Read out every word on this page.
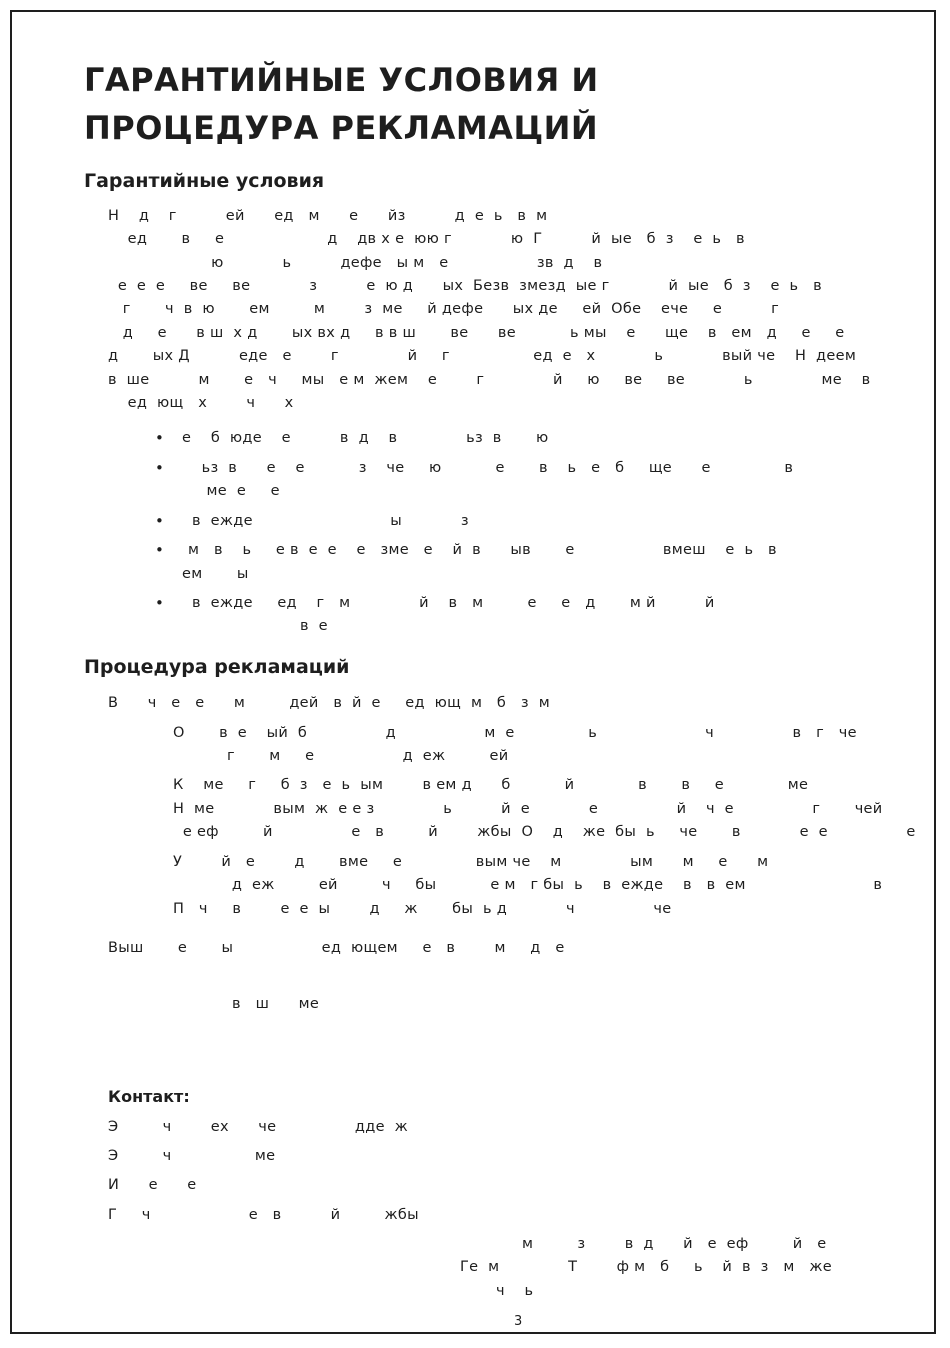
ГАРАНТИЙНЫЕ УСЛОВИЯ И
ПРОЦЕДУРА РЕКЛАМАЦИЙ
Гарантийные условия
Н    д    г          ей      ед   м      е      йз          д  е  ь   в  м
ед       в     е                     д    дв х е  юю г            ю  Г          й  ые   б  з    е  ь   в
ю            ь          дефе   ы м   е                  зв  д    в
е  е  е     ве     ве            з          е  ю д      ых  Безв  змезд  ые г            й  ые   б  з    е  ь   в
г       ч  в  ю       ем         м        з  ме     й дефе      ых де     ей  Обе    ече     е          г
д     е      в ш  х д       ых вх д     в в ш       ве      ве           ь мы    е      ще    в   ем   д     е     е
д       ых Д          еде   е        г              й     г                 ед  е   х            ь            вый че    Н  деем
в  ше          м       е   ч     мы   е м  жем    е        г              й     ю     ве     ве            ь              ме    в
ед  ющ   х        ч      х
• е    б  юде    е          в  д    в              ьз  в       ю
• ьз  в      е    е           з    че     ю           е       в    ь   е   б     ще      е               в
ме  е     е
• в  ежде                            ы            з
• м   в    ь     е в  е  е    е   зме   е    й  в      ыв       е                  вмеш    е  ь   в
ем       ы
• в  ежде     ед    г   м              й    в   м         е     е   д       м й          й
в  е
Процедура рекламаций
В      ч   е   е      м         дей   в  й  е     ед  ющ  м   б   з  м
О       в  е    ый  б                д                  м  е               ь                      ч                в   г   че
г       м     е                  д  еж         ей
К    ме     г     б  з   е  ь  ым        в ем д      б           й             в       в     е             ме
Н  ме            вым  ж  е е з              ь          й  е            е                й    ч  е                г       чей
е еф         й                е   в         й        жбы  О    д    же  бы  ь     че       в            е  е                е
У        й   е        д       вме     е               вым че    м              ым      м     е      м
д  еж         ей         ч     бы           е м   г бы  ь    в  ежде    в   в  ем                          в
П   ч     в        е  е  ы        д     ж       бы  ь д            ч                че
Выш       е       ы                  ед  ющем     е   в        м     д   е
в   ш      ме
Контакт:
Э         ч        ех      че                дде  ж
Э         ч                 ме
И      е      е
Г     ч                    е   в          й         жбы
м         з        в  д      й   е  еф         й   е
Ге  м              Т        ф м   б     ь    й  в  з   м   же
ч    ь
3
